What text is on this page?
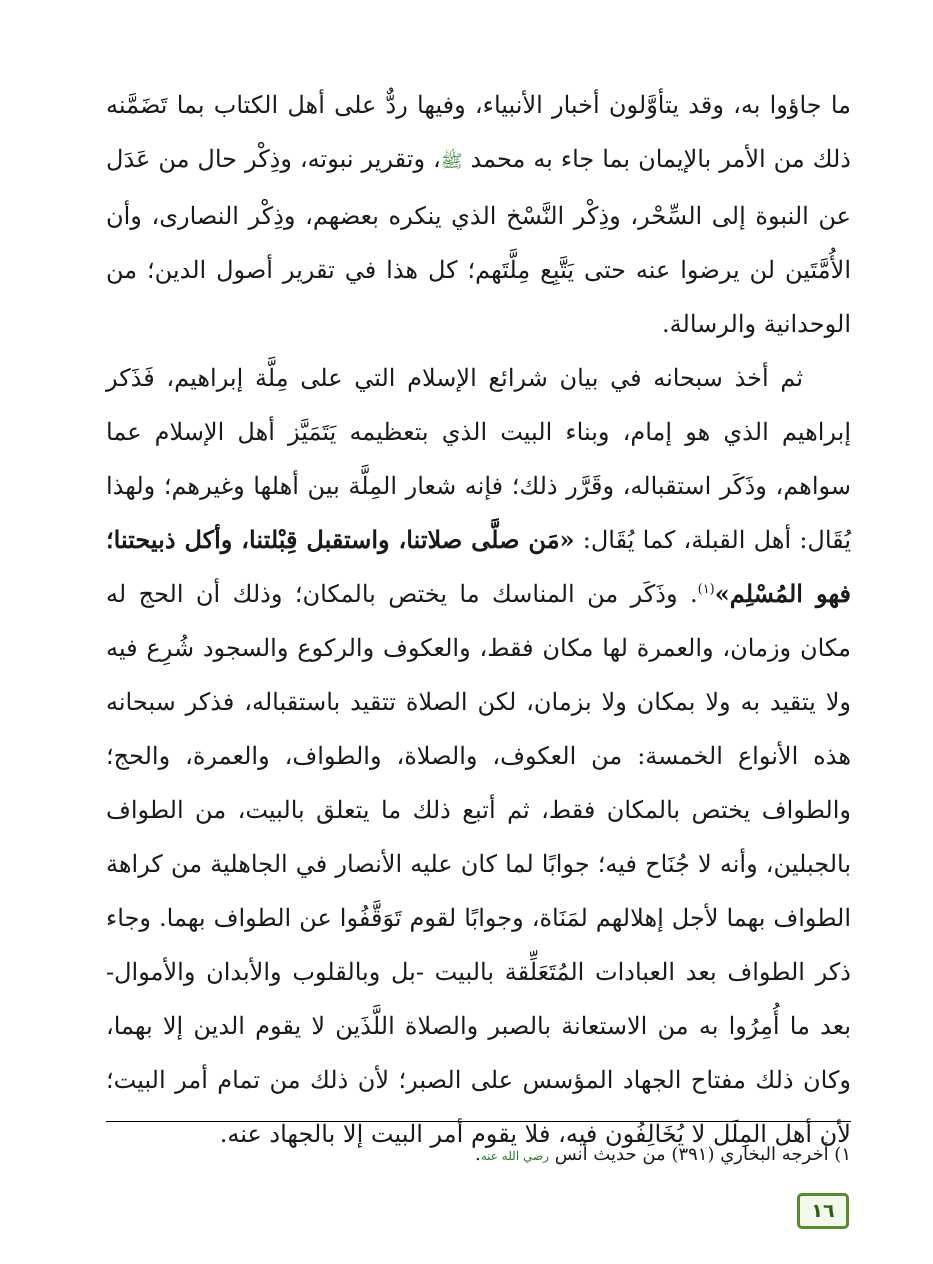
ما جاؤوا به، وقد يتأوَّلون أخبار الأنبياء، وفيها ردٌّ على أهل الكتاب بما تَضَمَّنه ذلك من الأمر بالإيمان بما جاء به محمد ﷺ، وتقرير نبوته، وذِكْر حال من عَدَل عن النبوة إلى السِّحْر، وذِكْر النَّسْخ الذي ينكره بعضهم، وذِكْر النصارى، وأن الأُمَّتَين لن يرضوا عنه حتى يَتَّبِع مِلَّتَهم؛ كل هذا في تقرير أصول الدين؛ من الوحدانية والرسالة.

ثم أخذ سبحانه في بيان شرائع الإسلام التي على مِلَّة إبراهيم، فَذَكر إبراهيم الذي هو إمام، وبناء البيت الذي بتعظيمه يَتَمَيَّز أهل الإسلام عما سواهم، وذَكَر استقباله، وقَرَّر ذلك؛ فإنه شعار المِلَّة بين أهلها وغيرهم؛ ولهذا يُقَال: أهل القبلة، كما يُقَال: «مَن صلَّى صلاتنا، واستقبل قِبْلتنا، وأكل ذبيحتنا؛ فهو المُسْلِم»$^{(١)}$. وذَكَر من المناسك ما يختص بالمكان؛ وذلك أن الحج له مكان وزمان، والعمرة لها مكان فقط، والعكوف والركوع والسجود شُرِع فيه ولا يتقيد به ولا بمكان ولا بزمان، لكن الصلاة تتقيد باستقباله، فذكر سبحانه هذه الأنواع الخمسة: من العكوف، والصلاة، والطواف، والعمرة، والحج؛ والطواف يختص بالمكان فقط، ثم أتبع ذلك ما يتعلق بالبيت، من الطواف بالجبلين، وأنه لا جُنَاح فيه؛ جوابًا لما كان عليه الأنصار في الجاهلية من كراهة الطواف بهما لأجل إهلالهم لمَنَاة، وجوابًا لقوم تَوَقَّفُوا عن الطواف بهما. وجاء ذكر الطواف بعد العبادات المُتَعَلِّقة بالبيت -بل وبالقلوب والأبدان والأموال- بعد ما أُمِرُوا به من الاستعانة بالصبر والصلاة اللَّذَين لا يقوم الدين إلا بهما، وكان ذلك مفتاح الجهاد المؤسس على الصبر؛ لأن ذلك من تمام أمر البيت؛ لأن أهل المِلَل لا يُخَالِفُون فيه، فلا يقوم أمر البيت إلا بالجهاد عنه.

١) أخرجه البخاري (٣٩١) من حديث أنس رضي الله عنه.
١٦
